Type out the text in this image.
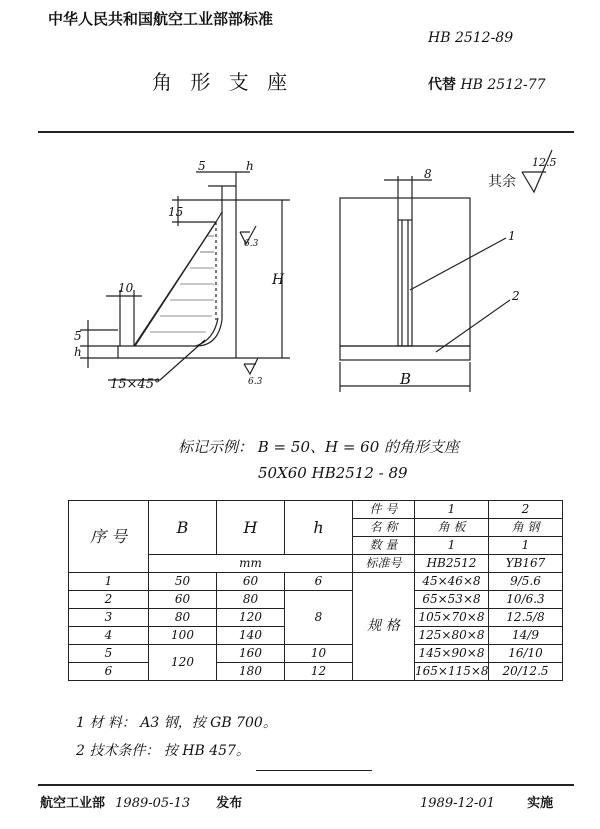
中华人民共和国航空工业部部标准
HB 2512-89
角 形 支 座	代替 HB 2512-77
5	h
15
10
5
h
H
15×45°
6.3
6.3
8
B
1
2
其余
12.5
标记示例： B = 50、H = 60 的角形支座
50X60 HB2512 - 89
序 号	B	H	h	件 号	1	2
				名 称	角 板	角 钢
				数 量	1	1
	mm			标准号	HB2512	YB167
1	50	60	6	规 格	45×46×8	9/5.6
2	60	80	8		65×53×8	10/6.3
3	80	120			105×70×8	12.5/8
4	100	140			125×80×8	14/9
5	120	160	10		145×90×8	16/10
6		180	12		165×115×8	20/12.5
1 材 料： A3 钢，按 GB 700。
2 技术条件： 按 HB 457。
航空工业部 1989-05-13 发布	1989-12-01 实施
